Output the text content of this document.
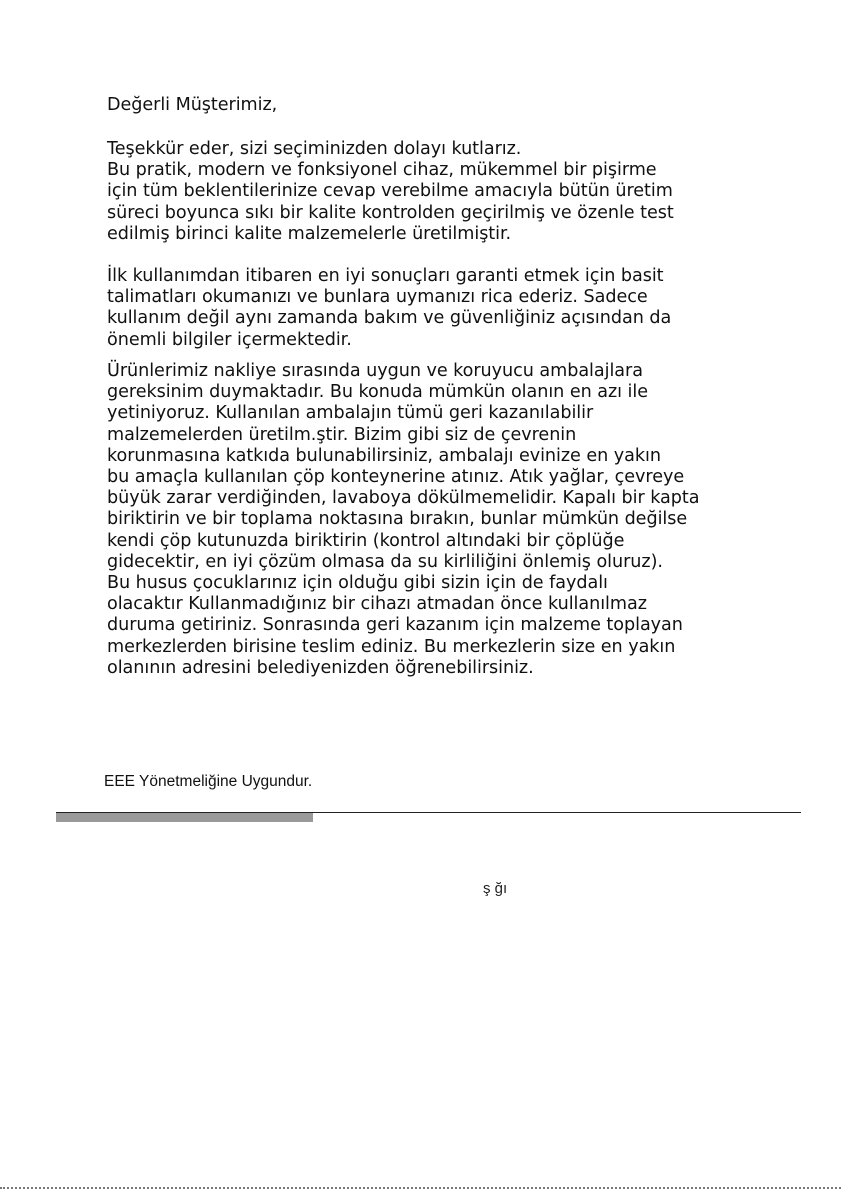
Değerli Müşterimiz,
Teşekkür eder, sizi seçiminizden dolayı kutlarız.
Bu pratik, modern ve fonksiyonel cihaz, mükemmel bir pişirme
için tüm beklentilerinize cevap verebilme amacıyla bütün üretim
süreci boyunca sıkı bir kalite kontrolden geçirilmiş ve özenle test
edilmiş birinci kalite malzemelerle üretilmiştir.
İlk kullanımdan itibaren en iyi sonuçları garanti etmek için basit
talimatları okumanızı ve bunlara uymanızı rica ederiz. Sadece
kullanım değil aynı zamanda bakım ve güvenliğiniz açısından da
önemli bilgiler içermektedir.
Ürünlerimiz nakliye sırasında uygun ve koruyucu ambalajlara
gereksinim duymaktadır. Bu konuda mümkün olanın en azı ile
yetiniyoruz. Kullanılan ambalajın tümü geri kazanılabilir
malzemelerden üretilm.ştir. Bizim gibi siz de çevrenin
korunmasına katkıda bulunabilirsiniz, ambalajı evinize en yakın
bu amaçla kullanılan çöp konteynerine atınız. Atık yağlar, çevreye
büyük zarar verdiğinden, lavaboya dökülmemelidir. Kapalı bir kapta
biriktirin ve bir toplama noktasına bırakın, bunlar mümkün değilse
kendi çöp kutunuzda biriktirin (kontrol altındaki bir çöplüğe
gidecektir, en iyi çözüm olmasa da su kirliliğini önlemiş oluruz).
Bu husus çocuklarınız için olduğu gibi sizin için de faydalı
olacaktır Kullanmadığınız bir cihazı atmadan önce kullanılmaz
duruma getiriniz. Sonrasında geri kazanım için malzeme toplayan
merkezlerden birisine teslim ediniz. Bu merkezlerin size en yakın
olanının adresini belediyenizden öğrenebilirsiniz.
EEE Yönetmeliğine Uygundur.
ş ğı
